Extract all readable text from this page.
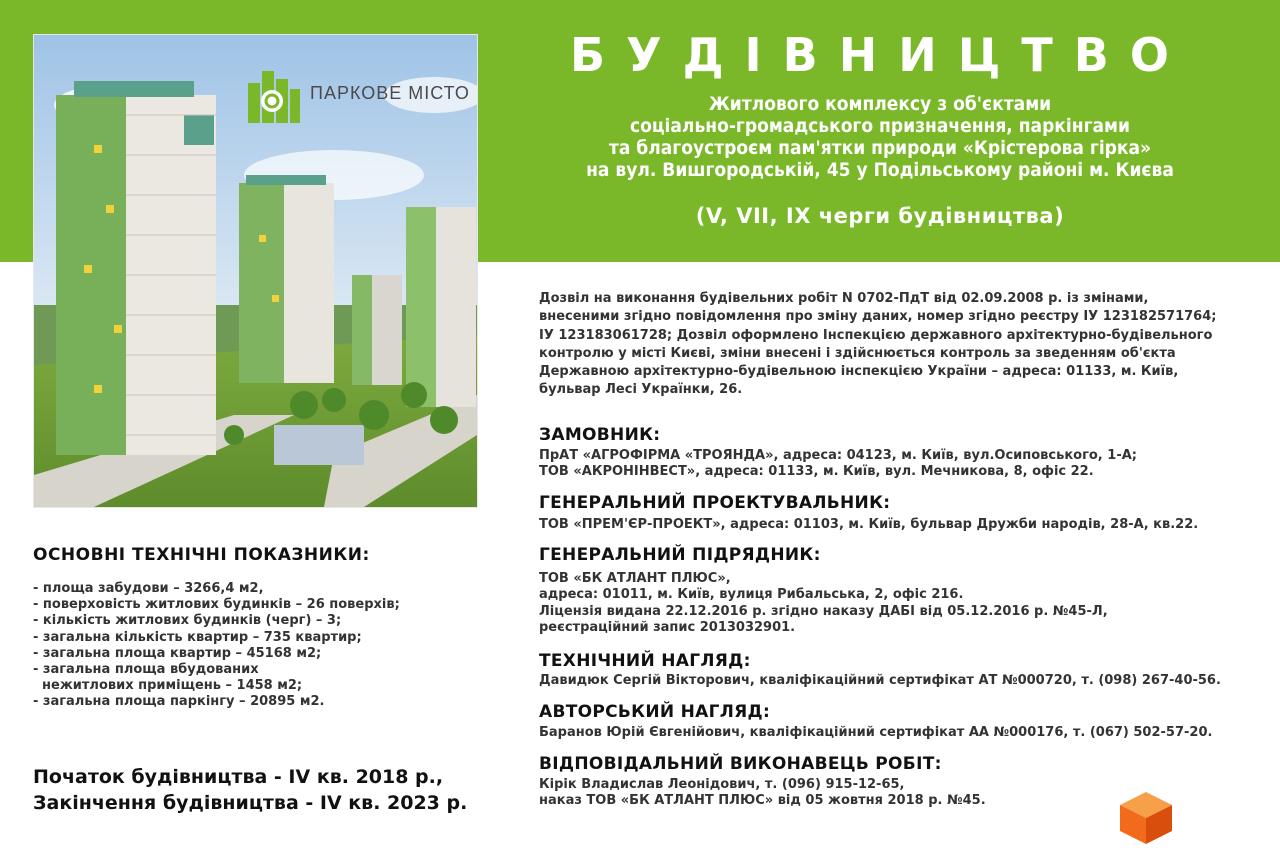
ПАРКОВЕ МІСТО
БУДІВНИЦТВО
Житлового комплексу з об'єктами
соціально-громадського призначення, паркінгами
та благоустроєм пам'ятки природи «Крістерова гірка»
на вул. Вишгородській, 45 у Подільському районі м. Києва
(V, VII, IX черги будівництва)
Дозвіл на виконання будівельних робіт N 0702-ПдТ від 02.09.2008 р. із змінами,
внесеними згідно повідомлення про зміну даних, номер згідно реєстру ІУ 123182571764;
ІУ 123183061728; Дозвіл оформлено Інспекцією державного архітектурно-будівельного
контролю у місті Києві, зміни внесені і здійснюється контроль за зведенням об'єкта
Державною архітектурно-будівельною інспекцією України – адреса: 01133, м. Київ,
бульвар Лесі Українки, 26.
ЗАМОВНИК:
ПрАТ «АГРОФІРМА «ТРОЯНДА», адреса: 04123, м. Київ, вул.Осиповського, 1-А;
ТОВ «АКРОНІНВЕСТ», адреса: 01133, м. Київ, вул. Мечникова, 8, офіс 22.
ГЕНЕРАЛЬНИЙ ПРОЕКТУВАЛЬНИК:
ТОВ «ПРЕМ'ЄР-ПРОЕКТ», адреса: 01103, м. Київ, бульвар Дружби народів, 28-А, кв.22.
ГЕНЕРАЛЬНИЙ ПІДРЯДНИК:
ТОВ «БК АТЛАНТ ПЛЮС»,
адреса: 01011, м. Київ, вулиця Рибальська, 2, офіс 216.
Ліцензія видана 22.12.2016 р. згідно наказу ДАБІ від 05.12.2016 р. №45-Л,
реєстраційний запис 2013032901.
ТЕХНІЧНИЙ НАГЛЯД:
Давидюк Сергій Вікторович, кваліфікаційний сертифікат АТ №000720, т. (098) 267-40-56.
АВТОРСЬКИЙ НАГЛЯД:
Баранов Юрій Євгенійович, кваліфікаційний сертифікат АА №000176, т. (067) 502-57-20.
ВІДПОВІДАЛЬНИЙ ВИКОНАВЕЦЬ РОБІТ:
Кірік Владислав Леонідович, т. (096) 915-12-65,
наказ ТОВ «БК АТЛАНТ ПЛЮС» від 05 жовтня 2018 р. №45.
ОСНОВНІ ТЕХНІЧНІ ПОКАЗНИКИ:
- площа забудови – 3266,4 м2,
- поверховість житлових будинків – 26 поверхів;
- кількість житлових будинків (черг) – 3;
- загальна кількість квартир – 735 квартир;
- загальна площа квартир – 45168 м2;
- загальна площа вбудованих
нежитлових приміщень – 1458 м2;
- загальна площа паркінгу – 20895 м2.
Початок будівництва - IV кв. 2018 р.,
Закінчення будівництва - IV кв. 2023 р.
